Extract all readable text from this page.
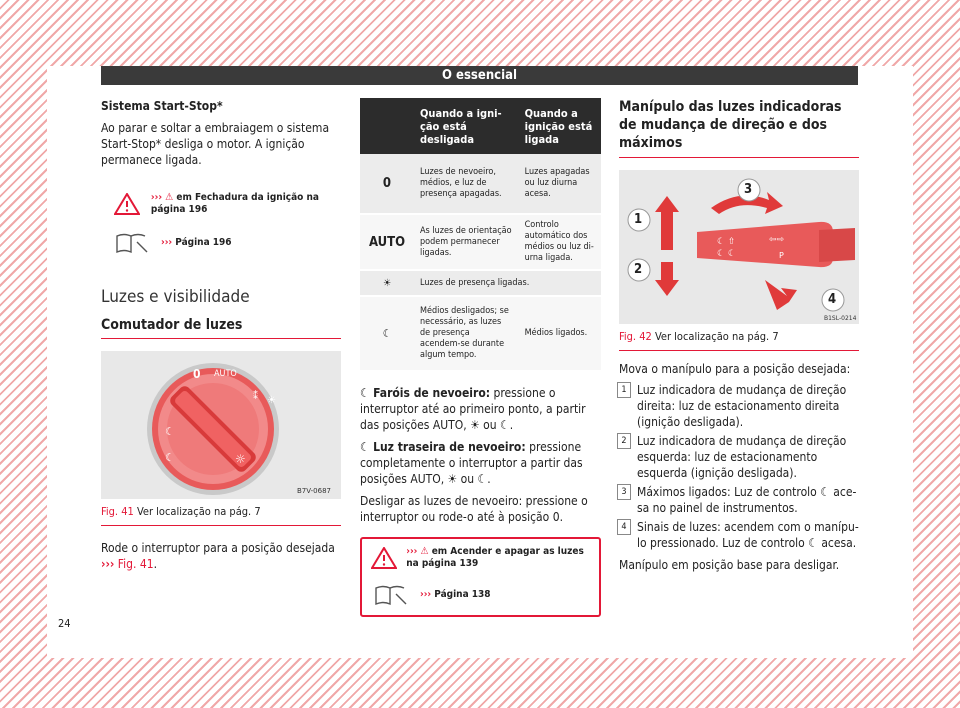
O essencial
Sistema Start-Stop*

Ao parar e soltar a embraiagem o sistema Start-Stop* desliga o motor. A ignição permanece ligada.

››› ⚠ em Fechadura da ignição na página 196
››› Página 196
Luzes e visibilidade
Comutador de luzes
☼
⁑ ☀
☾
☾
B7V-0687
0 AUTO
Fig. 41 Ver localização na pág. 7

Rode o interruptor para a posição desejada ››› Fig. 41.

	Quando a ignição está desligada	Quando a ignição está ligada
0	Luzes de nevoeiro, médios, e luz de presença apagadas.	Luzes apagadas ou luz diurna acesa.
AUTO	As luzes de orientação podem permanecer ligadas.	Controlo automático dos médios ou luz diurna ligada.
☀	Luzes de presença ligadas.	
☾	Médios desligados; se necessário, as luzes de presença acendem-se durante algum tempo.	Médios ligados.

☾ Faróis de nevoeiro: pressione o interruptor até ao primeiro ponto, a partir das posições AUTO, ☀ ou ☾.

☾ Luz traseira de nevoeiro: pressione completamente o interruptor a partir das posições AUTO, ☀ ou ☾.

Desligar as luzes de nevoeiro: pressione o interruptor ou rode-o até à posição 0.

››› ⚠ em Acender e apagar as luzes na página 139
››› Página 138
Manípulo das luzes indicadoras de mudança de direção e dos máximos
☾ ⇧	⇦⇨
☾ ☾	P
B1SL-0214
1
2
3
4
Fig. 42 Ver localização na pág. 7

Mova o manípulo para a posição desejada:

1 Luz indicadora de mudança de direção direita: luz de estacionamento direita (ignição desligada).
2 Luz indicadora de mudança de direção esquerda: luz de estacionamento esquerda (ignição desligada).
3 Máximos ligados: Luz de controlo ☾ acesa no painel de instrumentos.
4 Sinais de luzes: acendem com o manípulo pressionado. Luz de controlo ☾ acesa.

Manípulo em posição base para desligar.

24
